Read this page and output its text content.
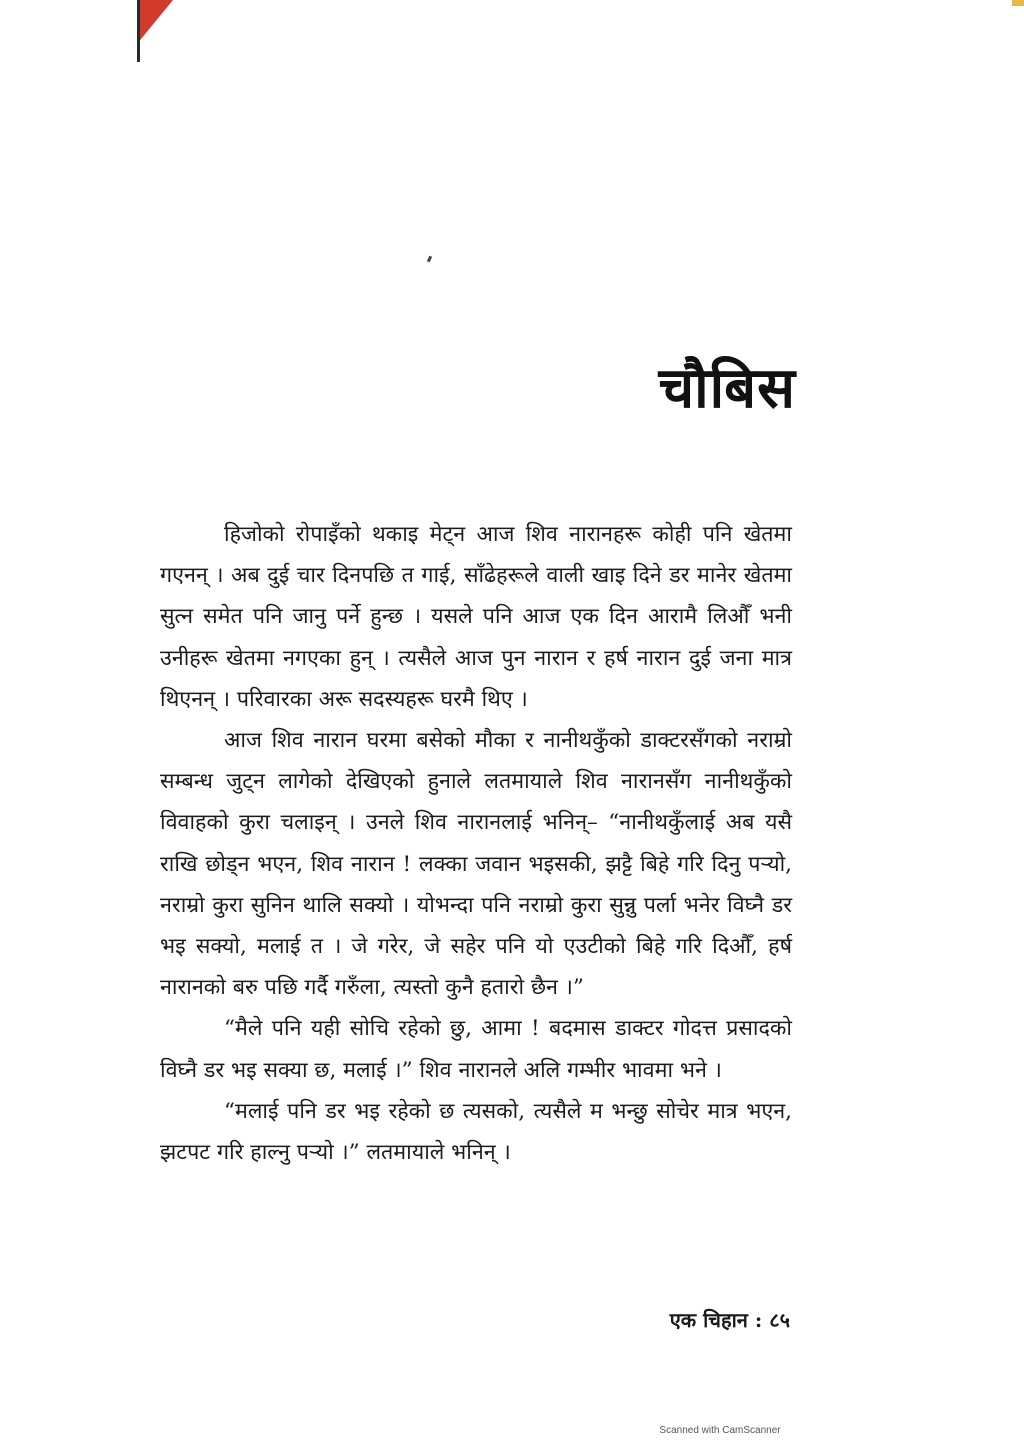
चौबिस

हिजोको रोपाइँको थकाइ मेट्न आज शिव नारानहरू कोही पनि खेतमा गएनन् । अब दुई चार दिनपछि त गाई, साँढेहरूले वाली खाइ दिने डर मानेर खेतमा सुत्न समेत पनि जानु पर्ने हुन्छ । यसले पनि आज एक दिन आरामै लिऔँ भनी उनीहरू खेतमा नगएका हुन् । त्यसैले आज पुन नारान र हर्ष नारान दुई जना मात्र थिएनन् । परिवारका अरू सदस्यहरू घरमै थिए ।

आज शिव नारान घरमा बसेको मौका र नानीथकुँको डाक्टरसँगको नराम्रो सम्बन्ध जुट्न लागेको देखिएको हुनाले लतमायाले शिव नारानसँग नानीथकुँको विवाहको कुरा चलाइन् । उनले शिव नारानलाई भनिन्– “नानीथकुँलाई अब यसै राखि छोड्न भएन, शिव नारान ! लक्का जवान भइसकी, झट्टै बिहे गरि दिनु पऱ्यो, नराम्रो कुरा सुनिन थालि सक्यो । योभन्दा पनि नराम्रो कुरा सुन्नु पर्ला भनेर विघ्नै डर भइ सक्यो, मलाई त । जे गरेर, जे सहेर पनि यो एउटीको बिहे गरि दिऔँ, हर्ष नारानको बरु पछि गर्दै गरुँला, त्यस्तो कुनै हतारो छैन ।”

“मैले पनि यही सोचि रहेको छु, आमा ! बदमास डाक्टर गोदत्त प्रसादको विघ्नै डर भइ सक्या छ, मलाई ।” शिव नारानले अलि गम्भीर भावमा भने ।

“मलाई पनि डर भइ रहेको छ त्यसको, त्यसैले म भन्छु सोचेर मात्र भएन, झटपट गरि हाल्नु पऱ्यो ।” लतमायाले भनिन् ।

एक चिहान : ८५
Scanned with CamScanner
